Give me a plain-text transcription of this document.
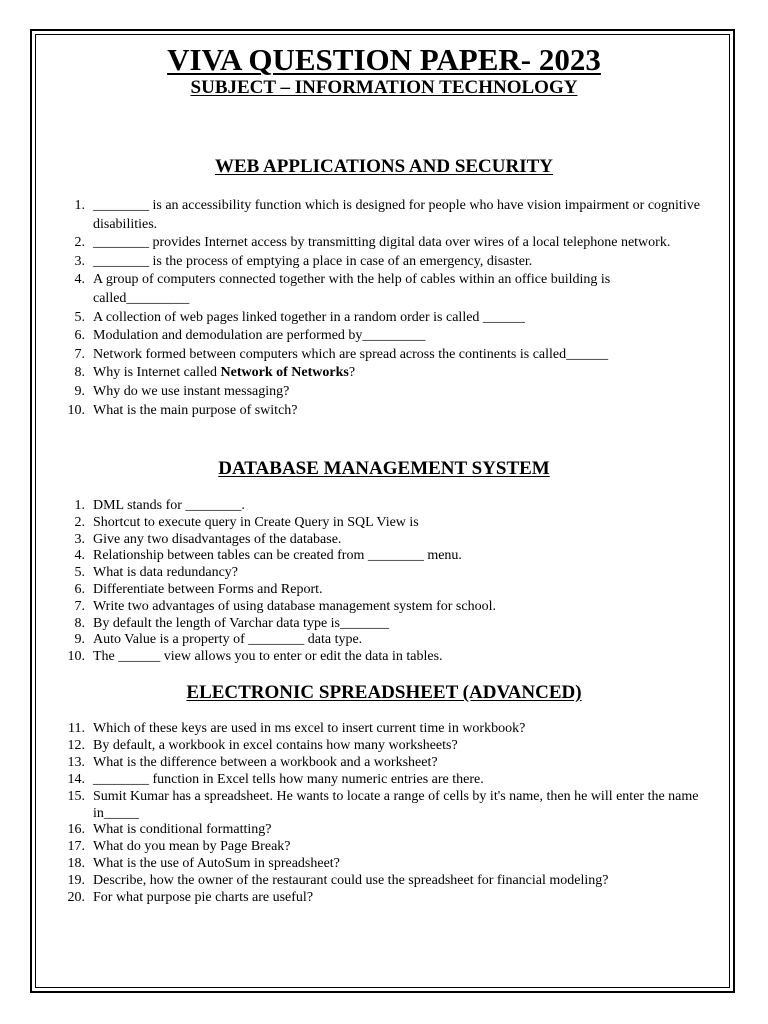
VIVA QUESTION PAPER- 2023
SUBJECT – INFORMATION TECHNOLOGY
WEB APPLICATIONS AND SECURITY
1. ________ is an accessibility function which is designed for people who have vision impairment or cognitive disabilities.
2. ________ provides Internet access by transmitting digital data over wires of a local telephone network.
3. ________ is the process of emptying a place in case of an emergency, disaster.
4. A group of computers connected together with the help of cables within an office building is called_________
5. A collection of web pages linked together in a random order is called ______
6. Modulation and demodulation are performed by_________
7. Network formed between computers which are spread across the continents is called______
8. Why is Internet called Network of Networks?
9. Why do we use instant messaging?
10. What is the main purpose of switch?
DATABASE MANAGEMENT SYSTEM
1. DML stands for ________.
2. Shortcut to execute query in Create Query in SQL View is
3. Give any two disadvantages of the database.
4. Relationship between tables can be created from ________ menu.
5. What is data redundancy?
6. Differentiate between Forms and Report.
7. Write two advantages of using database management system for school.
8. By default the length of Varchar data type is_______
9. Auto Value is a property of ________ data type.
10. The ______ view allows you to enter or edit the data in tables.
ELECTRONIC SPREADSHEET (ADVANCED)
11. Which of these keys are used in ms excel to insert current time in workbook?
12. By default, a workbook in excel contains how many worksheets?
13. What is the difference between a workbook and a worksheet?
14. ________ function in Excel tells how many numeric entries are there.
15. Sumit Kumar has a spreadsheet. He wants to locate a range of cells by it's name, then he will enter the name in_____
16. What is conditional formatting?
17. What do you mean by Page Break?
18. What is the use of AutoSum in spreadsheet?
19. Describe, how the owner of the restaurant could use the spreadsheet for financial modeling?
20. For what purpose pie charts are useful?
